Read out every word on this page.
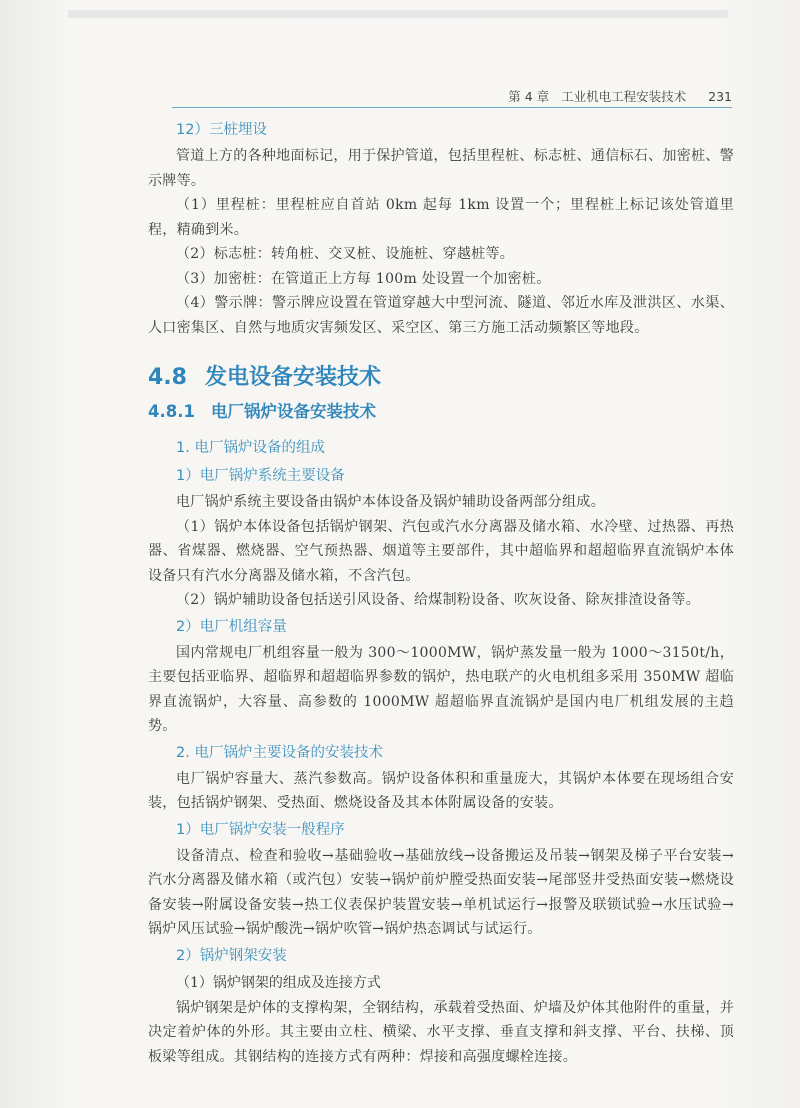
第 4 章 工业机电工程安装技术 231
12）三桩埋设

管道上方的各种地面标记，用于保护管道，包括里程桩、标志桩、通信标石、加密桩、警示牌等。

（1）里程桩：里程桩应自首站 0km 起每 1km 设置一个；里程桩上标记该处管道里程，精确到米。

（2）标志桩：转角桩、交叉桩、设施桩、穿越桩等。

（3）加密桩：在管道正上方每 100m 处设置一个加密桩。

（4）警示牌：警示牌应设置在管道穿越大中型河流、隧道、邻近水库及泄洪区、水渠、人口密集区、自然与地质灾害频发区、采空区、第三方施工活动频繁区等地段。

4.8 发电设备安装技术
4.8.1 电厂锅炉设备安装技术
1. 电厂锅炉设备的组成
1）电厂锅炉系统主要设备

电厂锅炉系统主要设备由锅炉本体设备及锅炉辅助设备两部分组成。

（1）锅炉本体设备包括锅炉钢架、汽包或汽水分离器及储水箱、水冷壁、过热器、再热器、省煤器、燃烧器、空气预热器、烟道等主要部件，其中超临界和超超临界直流锅炉本体设备只有汽水分离器及储水箱，不含汽包。

（2）锅炉辅助设备包括送引风设备、给煤制粉设备、吹灰设备、除灰排渣设备等。

2）电厂机组容量

国内常规电厂机组容量一般为 300～1000MW，锅炉蒸发量一般为 1000～3150t/h，主要包括亚临界、超临界和超超临界参数的锅炉，热电联产的火电机组多采用 350MW 超临界直流锅炉，大容量、高参数的 1000MW 超超临界直流锅炉是国内电厂机组发展的主趋势。

2. 电厂锅炉主要设备的安装技术

电厂锅炉容量大、蒸汽参数高。锅炉设备体积和重量庞大，其锅炉本体要在现场组合安装，包括锅炉钢架、受热面、燃烧设备及其本体附属设备的安装。

1）电厂锅炉安装一般程序

设备清点、检查和验收→基础验收→基础放线→设备搬运及吊装→钢架及梯子平台安装→汽水分离器及储水箱（或汽包）安装→锅炉前炉膛受热面安装→尾部竖井受热面安装→燃烧设备安装→附属设备安装→热工仪表保护装置安装→单机试运行→报警及联锁试验→水压试验→锅炉风压试验→锅炉酸洗→锅炉吹管→锅炉热态调试与试运行。

2）锅炉钢架安装
（1）锅炉钢架的组成及连接方式

锅炉钢架是炉体的支撑构架，全钢结构，承载着受热面、炉墙及炉体其他附件的重量，并决定着炉体的外形。其主要由立柱、横梁、水平支撑、垂直支撑和斜支撑、平台、扶梯、顶板梁等组成。其钢结构的连接方式有两种：焊接和高强度螺栓连接。
